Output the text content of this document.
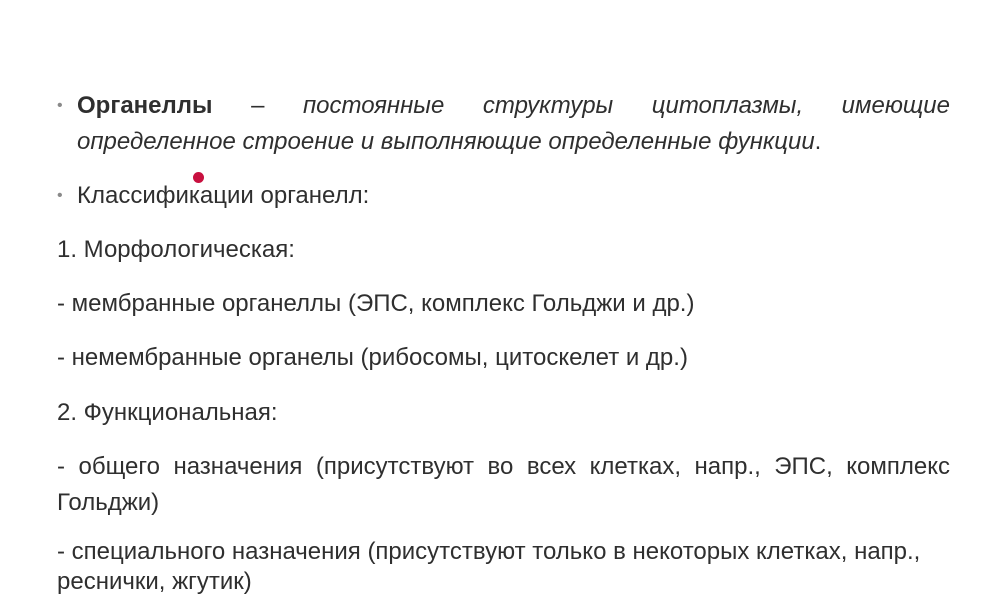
• Органеллы – постоянные структуры цитоплазмы, имеющие определенное строение и выполняющие определенные функции.
• Классификации органелл:
1. Морфологическая:
- мембранные органеллы (ЭПС, комплекс Гольджи и др.)
- немембранные органелы (рибосомы, цитоскелет и др.)
2. Функциональная:
- общего назначения (присутствуют во всех клетках, напр., ЭПС, комплекс Гольджи)
- специального назначения (присутствуют только в некоторых клетках, напр., реснички, жгутик)
